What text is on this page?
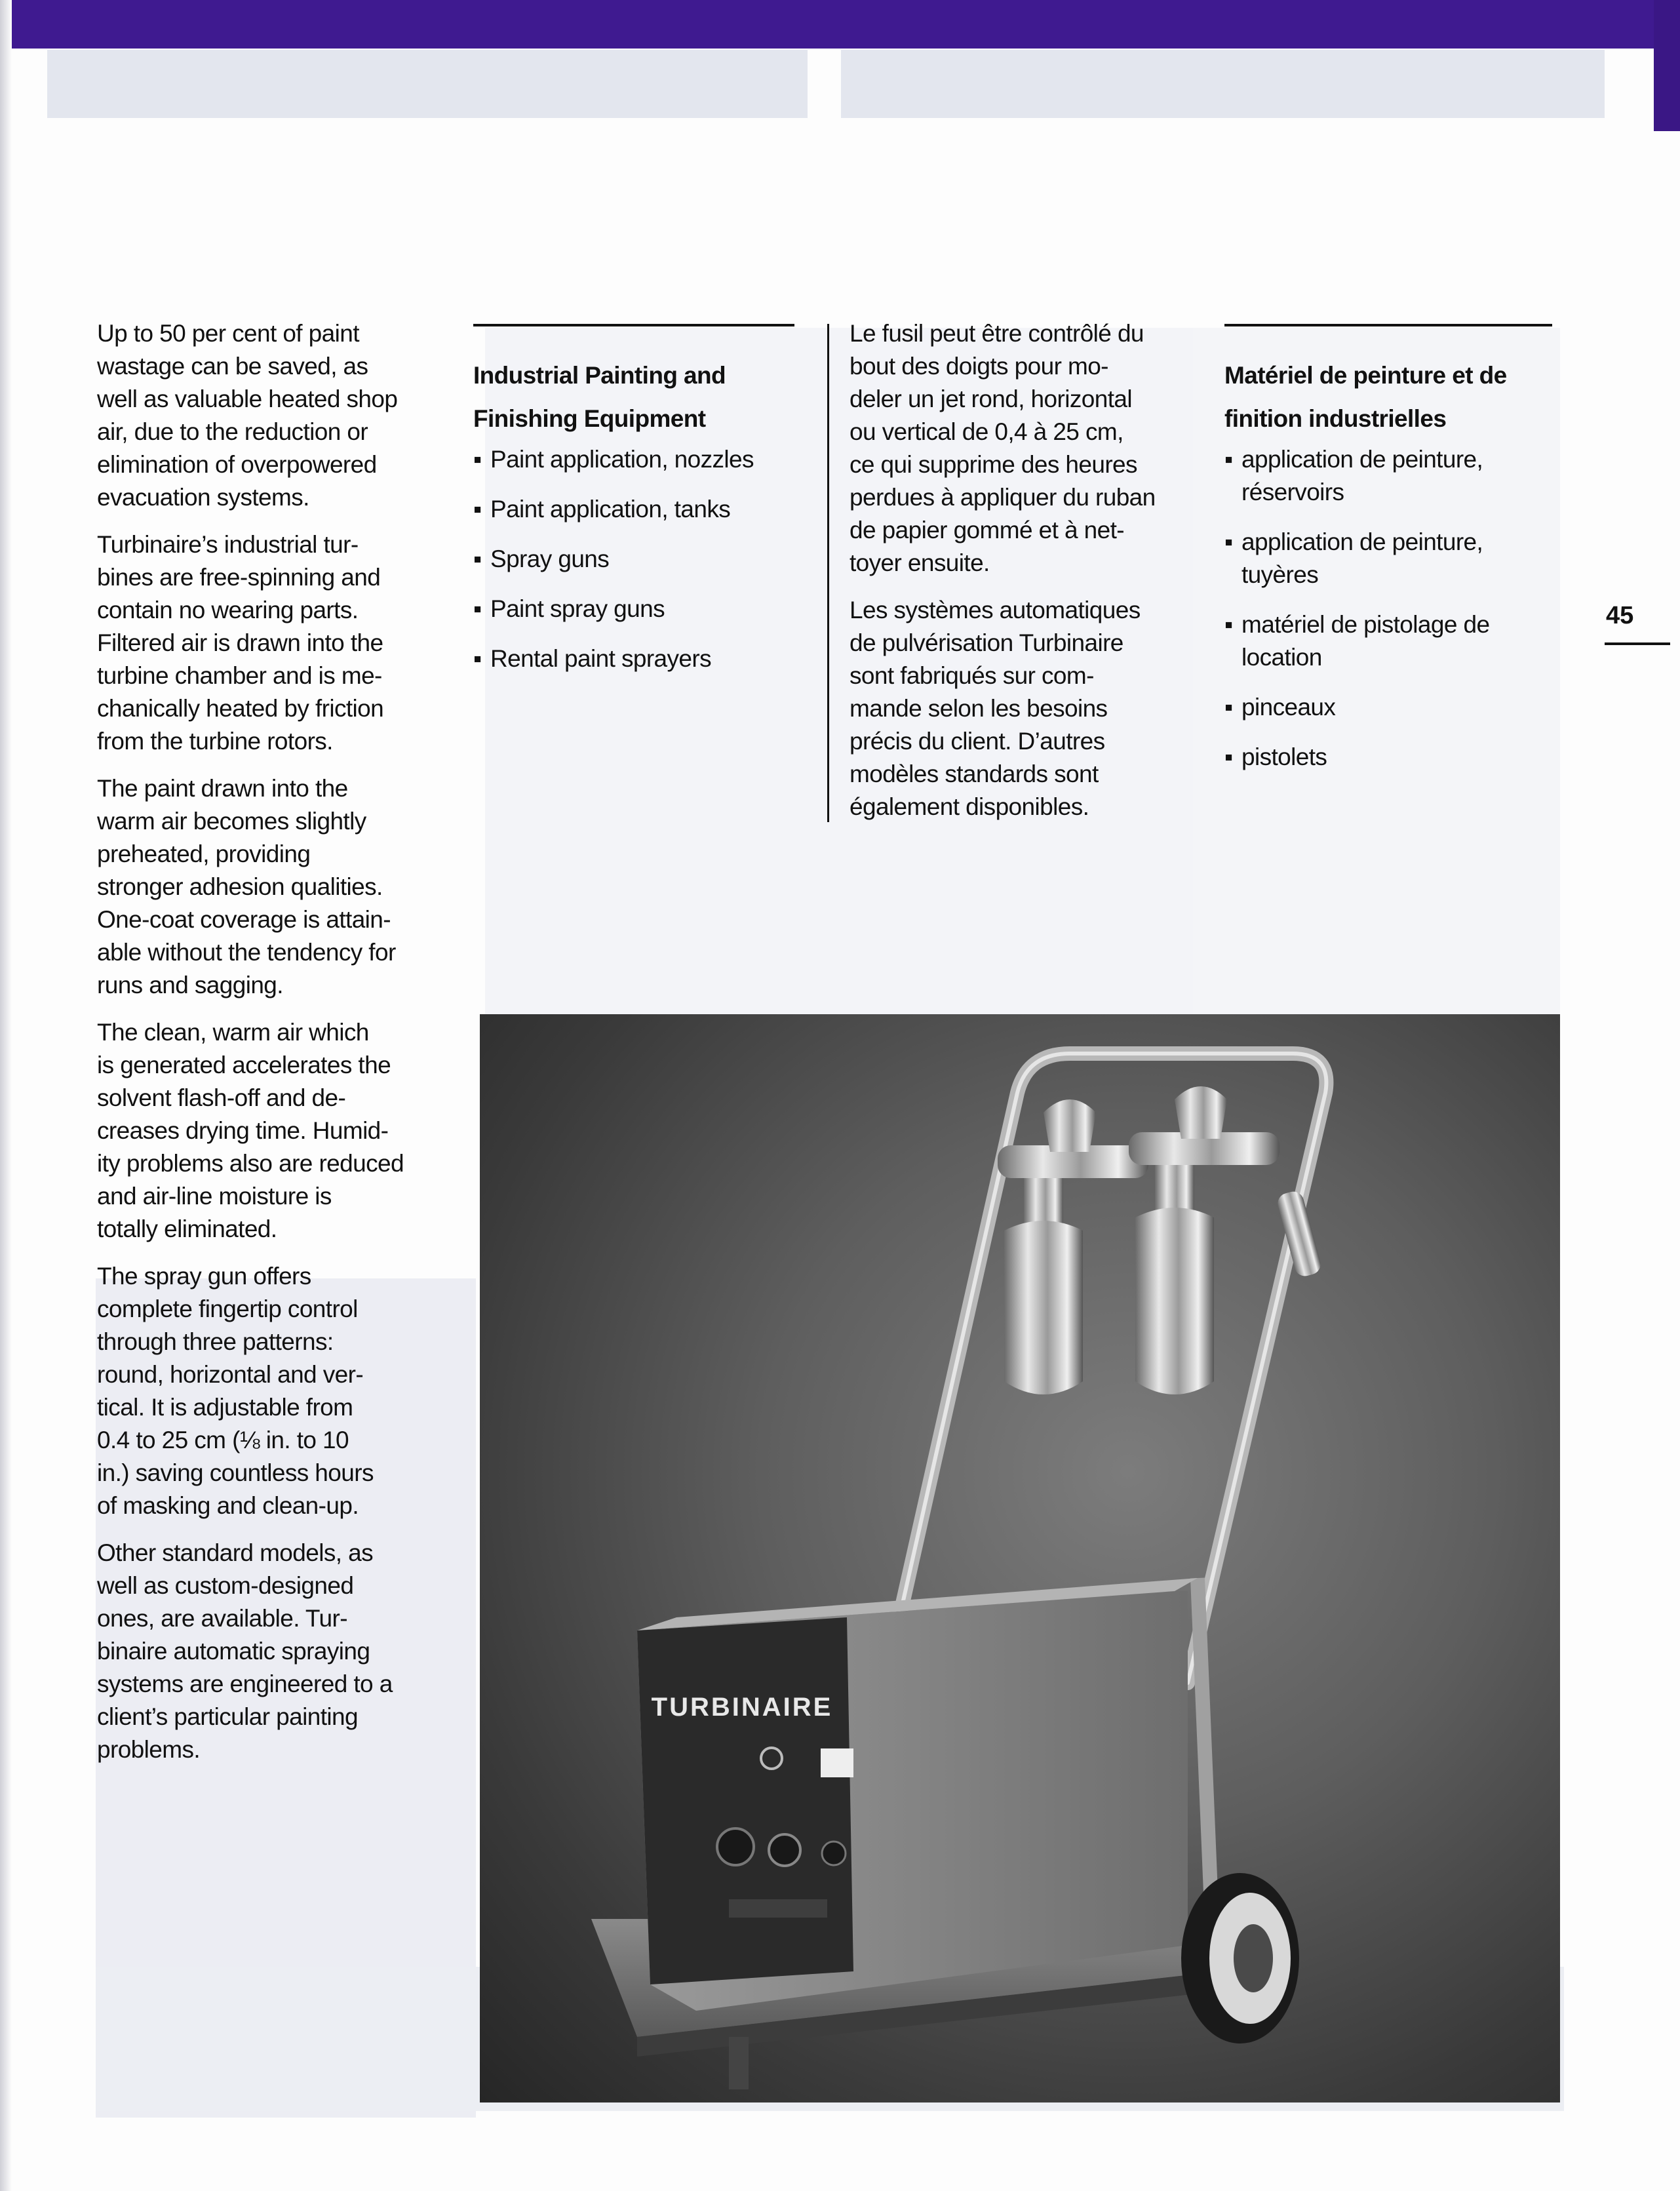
Up to 50 per cent of paint
wastage can be saved, as
well as valuable heated shop
air, due to the reduction or
elimination of overpowered
evacuation systems.

Turbinaire’s industrial tur-
bines are free-spinning and
contain no wearing parts.
Filtered air is drawn into the
turbine chamber and is me-
chanically heated by friction
from the turbine rotors.

The paint drawn into the
warm air becomes slightly
preheated, providing
stronger adhesion qualities.
One-coat coverage is attain-
able without the tendency for
runs and sagging.

The clean, warm air which
is generated accelerates the
solvent flash-off and de-
creases drying time. Humid-
ity problems also are reduced
and air-line moisture is
totally eliminated.

The spray gun offers
complete fingertip control
through three patterns:
round, horizontal and ver-
tical. It is adjustable from
0.4 to 25 cm (⅛ in. to 10
in.) saving countless hours
of masking and clean-up.

Other standard models, as
well as custom-designed
ones, are available. Tur-
binaire automatic spraying
systems are engineered to a
client’s particular painting
problems.

Industrial Painting and
Finishing Equipment

▪ Paint application, nozzles
▪ Paint application, tanks
▪ Spray guns
▪ Paint spray guns
▪ Rental paint sprayers

Le fusil peut être contrôlé du
bout des doigts pour mo-
deler un jet rond, horizontal
ou vertical de 0,4 à 25 cm,
ce qui supprime des heures
perdues à appliquer du ruban
de papier gommé et à net-
toyer ensuite.

Les systèmes automatiques
de pulvérisation Turbinaire
sont fabriqués sur com-
mande selon les besoins
précis du client. D’autres
modèles standards sont
également disponibles.

Matériel de peinture et de
finition industrielles

▪ application de peinture,
réservoirs
▪ application de peinture,
tuyères
▪ matériel de pistolage de
location
▪ pinceaux
▪ pistolets
45
TURBINAIRE
